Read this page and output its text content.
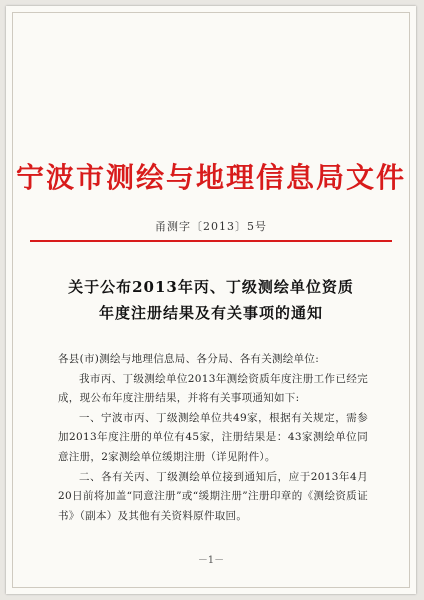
宁波市测绘与地理信息局文件
甬测字〔2013〕5号
关于公布2013年丙、丁级测绘单位资质
年度注册结果及有关事项的通知

各县(市)测绘与地理信息局、各分局、各有关测绘单位:

我市丙、丁级测绘单位2013年测绘资质年度注册工作已经完成，现公布年度注册结果，并将有关事项通知如下:

一、宁波市丙、丁级测绘单位共49家，根据有关规定，需参加2013年度注册的单位有45家，注册结果是：43家测绘单位同意注册，2家测绘单位缓期注册（详见附件）。

二、各有关丙、丁级测绘单位接到通知后，应于2013年4月20日前将加盖“同意注册”或“缓期注册”注册印章的《测绘资质证书》（副本）及其他有关资料原件取回。

－1－
